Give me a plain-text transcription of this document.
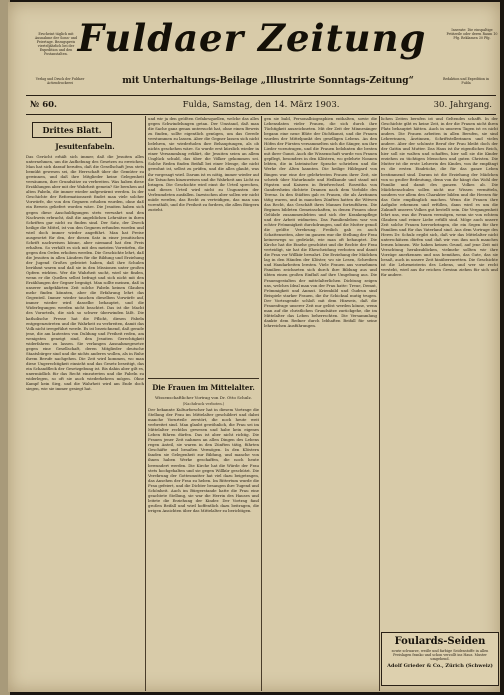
Erscheint täglich mit Ausnahme der Sonn- und Feiertage. Bezugspreis vierteljährlich bei der Expedition und den Postanstalten. Fuldaer Zeitung	Inserate: Die einspaltige Petitzeile oder deren Raum 10 Pfg. Reklamen 30 Pfg.
Verlag und Druck der Fuldaer Actiendruckerei	mit Unterhaltungs-Beilage „Illustrirte Sonntags-Zeitung“	Redaktion und Expedition in Fulda
№ 60.	Fulda, Samstag, den 14. März 1903.	30. Jahrgang.
Drittes Blatt.
Jesuitenfabeln.
Das Gerücht erhält sich immer, daß die Jesuiten alles unternehmen, um die Aufhebung des Gesetzes zu erreichen. Man hat sich darauf berufen, daß die Gesellschaft Jesu stets bemüht gewesen sei, die Herrschaft über die Gemüter zu gewinnen, und daß ihre Mitglieder keine Gelegenheit versäumen, ihre Grundsätze zu verbreiten. Was haben diese Erzählungen aber mit der Wahrheit gemein? Sie beruhen auf alten Fabeln, die immer wieder aufgewärmt werden. In der Geschichte der Reformationszeit findet man viele solcher Vorwürfe, die von den Gegnern erhoben wurden, ohne daß ein Beweis geliefert worden wäre. Die Jesuiten haben sich gegen diese Anschuldigungen stets verwahrt und den Nachweis erbracht, daß die angeblichen Lehrsätze in ihren Schriften gar nicht zu finden sind. Der Satz, der Zweck heilige die Mittel, ist von den Gegnern erfunden worden und wird doch immer wieder angeführt. Man hat Preise ausgesetzt für den, der diesen Satz in einer jesuitischen Schrift nachweisen könne, aber niemand hat den Preis erhalten. So verhält es sich mit den meisten Vorwürfen, die gegen den Orden erhoben werden. Die Geschichte lehrt, daß die Jesuiten in allen Ländern für die Bildung und Erziehung der Jugend Großes geleistet haben, daß ihre Schulen berühmt waren und daß sie in den Missionen unter großen Opfern wirkten. Wer die Wahrheit sucht, wird sie finden, wenn er die Quellen selbst befragt und sich nicht mit den Erzählungen der Gegner begnügt. Man sollte meinen, daß in unserer aufgeklärten Zeit solche Fabeln keinen Glauben mehr finden könnten, aber die Erfahrung lehrt das Gegenteil. Immer wieder tauchen dieselben Vorwürfe auf, immer wieder wird dasselbe behauptet, und die Widerlegungen werden nicht beachtet. Das ist die Macht des Vorurteils, die sich so schwer überwinden läßt. Die katholische Presse hat die Pflicht, diesen Fabeln entgegenzutreten und die Wahrheit zu verbreiten, damit das Volk nicht irregeführt werde. Es ist bezeichnend, daß gerade jene, die am lautesten von Duldung und Freiheit reden, am wenigsten geneigt sind, den Jesuiten Gerechtigkeit widerfahren zu lassen. Sie verlangen Ausnahmegesetze gegen eine Gesellschaft, deren Mitglieder deutsche Staatsbürger sind und die nichts anderes wollen, als in Ruhe ihrem Berufe nachgehen. Die Zeit wird kommen, wo man diese Ungerechtigkeit einsieht und das Gesetz beseitigt, das ein Schandfleck der Gesetzgebung ist. Bis dahin aber gilt es, unermüdlich für das Recht einzutreten und die Fabeln zu widerlegen, so oft sie auch wiederkehren mögen. Ohne Kampf kein Sieg, und die Wahrheit wird am Ende doch siegen, wie sie immer gesiegt hat.
und wir ja den größten Gefahrsquellen, welche das alles gegen Schwindelungen getan. Der Umstand, daß man die Sache ganz genau untersucht hat, ohne einen Beweis zu finden, sollte eigentlich genügen, um das Gerede verstummen zu lassen. Aber die Gegner lassen sich nicht belehren, sie wiederholen ihre Behauptungen, als ob nichts geschehen wäre. So wurde erst kürzlich wieder in einer Versammlung erklärt, die Jesuiten seien an allem Unglück schuld, das über die Völker gekommen sei. Solche Reden finden Beifall bei einer Menge, die nicht gewohnt ist, selbst zu prüfen, und die alles glaubt, was ihr vorgesagt wird. Darum ist es nötig, immer wieder auf die Tatsachen hinzuweisen und die Wahrheit ans Licht zu bringen. Die Geschichte wird einst ihr Urteil sprechen, und dieses Urteil wird nicht zu Ungunsten der Verleumdeten ausfallen. Inzwischen aber sollen wir nicht müde werden, das Recht zu verteidigen, das man uns vorenthält, und die Freiheit zu fordern, die allen Bürgern zusteht.
Die Frauen im Mittelalter.
Wissenschaftlicher Vortrag von Dr. Otto Schulz.
(Nachdruck verboten.)
Der bekannte Kulturforscher hat in diesem Vortrage die Stellung der Frau im Mittelalter geschildert und dabei manche Vorurteile zerstört, die noch heute weit verbreitet sind. Man glaubt gewöhnlich, die Frau sei im Mittelalter rechtlos gewesen und habe kein eigenes Leben führen dürfen. Das ist aber nicht richtig. Die Frauen jener Zeit nahmen an allen Dingen des Lebens regen Anteil, sie waren in den Zünften tätig, führten Geschäfte und besaßen Vermögen. In den Klöstern fanden sie Gelegenheit zur Bildung, und manche von ihnen haben Werke geschaffen, die noch heute bewundert werden. Die Kirche hat die Würde der Frau stets hochgehalten und sie gegen Willkür geschützt. Die Verehrung der Gottesmutter hat viel dazu beigetragen, das Ansehen der Frau zu heben. Im Rittertum wurde die Frau gefeiert, und die Dichter besangen ihre Tugend und Schönheit. Auch im Bürgerstande hatte die Frau eine geachtete Stellung, sie war die Herrin des Hauses und leitete die Erziehung der Kinder. Der Vortrag fand großen Beifall und wird hoffentlich dazu beitragen, die irrigen Ansichten über das Mittelalter zu berichtigen.
gen sie bald, Personalbiographien enthalten, sowie die Lebensdaten vieler Frauen, die sich durch ihre Tüchtigkeit auszeichneten. Mit der Zeit der Minnesänger begann eine neue Blüte der Dichtkunst, und die Frauen wurden der Mittelpunkt des geselligen Lebens. An den Höfen der Fürsten versammelten sich die Sänger, um ihre Lieder vorzutragen, und die Frauen belohnten die besten mit ihrer Gunst. Auch die Wissenschaft wurde von Frauen gepflegt, besonders in den Klöstern, wo gelehrte Nonnen lebten, die in lateinischer Sprache schrieben und die Werke der Alten kannten. Die heilige Hildegard von Bingen war eine der gelehrtesten Frauen ihrer Zeit, sie schrieb über Naturkunde und Heilkunde und stand mit Päpsten und Kaisern in Briefwechsel. Roswitha von Gandersheim dichtete Dramen nach dem Vorbilde des Terenz. In den Städten gab es Frauen, die als Ärztinnen tätig waren, und in manchen Zünften hatten die Witwen das Recht, das Geschäft ihres Mannes fortzuführen. Die Beginen bildeten Gemeinschaften, in denen Frauen ohne Gelübde zusammenlebten und sich der Krankenpflege und der Arbeit widmeten. Das Familienleben war von echter Frömmigkeit durchdrungen, und die Mutter genoß die größte Verehrung. Freilich gab es auch Schattenseiten, aber im ganzen war die Stellung der Frau keineswegs so gedrückt, wie man oft behauptet. Die Kirche hat die Einehe geschützt und die Rechte der Frau verteidigt, sie hat die Ehescheidung verboten und damit die Frau vor Willkür bewahrt. Die Erziehung der Mädchen lag in den Händen der Klöster, wo sie Lesen, Schreiben und Handarbeiten lernten. Viele Frauen aus vornehmen Familien zeichneten sich durch ihre Bildung aus und übten einen großen Einfluß auf ihre Umgebung aus. Die Frauengestalten der mittelalterlichen Dichtung zeigen uns, welches Ideal man von der Frau hatte: Treue, Demut, Frömmigkeit und Anmut. Kriemhild und Gudrun sind Beispiele starker Frauen, die ihr Schicksal mutig trugen. Der Vortragende schloß mit dem Hinweis, daß die Frauenfrage unserer Zeit nur gelöst werden könne, wenn man auf die christlichen Grundsätze zurückgehe, die im Mittelalter das Leben beherrschten. Die Versammlung dankte dem Redner durch lebhaften Beifall für seine lehrreichen Ausführungen.
lichen Zeiten berufen ist und Geltendes schafft. In der Geschichte gibt es keine Zeit, in der die Frauen nicht ihren Platz behauptet hätten. Auch in unseren Tagen ist es nicht anders. Die Frauen arbeiten in allen Berufen, sie sind Lehrerinnen, Ärztinnen, Schriftstellerinnen und vieles andere. Aber der schönste Beruf der Frau bleibt doch der der Gattin und Mutter. Das Haus ist ihr eigentliches Reich, hier soll sie walten und schaffen, hier soll sie die Kinder erziehen zu tüchtigen Menschen und guten Christen. Die Mutter ist die erste Lehrerin des Kindes, von ihr empfängt es die ersten Eindrücke, die für das ganze Leben bestimmend sind. Darum ist die Erziehung der Mädchen von so großer Bedeutung, denn von ihr hängt das Wohl der Familie und damit des ganzen Volkes ab. Die Mädchenschulen sollen nicht nur Wissen vermitteln, sondern vor allem den Charakter bilden und die Herzen für das Gute empfänglich machen. Wenn die Frauen ihre Aufgabe erkennen und erfüllen, dann wird es um die Zukunft unseres Volkes gut bestellt sein. Die Vergangenheit lehrt uns, was die Frauen vermögen, wenn sie von echtem Glauben und reiner Liebe erfüllt sind. Möge auch unsere Zeit solche Frauen hervorbringen, die ein Segen für ihre Familien und für das Vaterland sind. Aus dem Vortrage des Herrn Dr. Schulz ergibt sich, daß wir das Mittelalter nicht unterschätzen dürfen und daß wir von ihm noch manches lernen können. Wir haben keinen Grund, auf jene Zeit mit Verachtung herabzublicken, vielmehr sollten wir ihre Vorzüge anerkennen und uns bemühen, das Gute, das sie besaß, auch in unsere Zeit hinüberzuretten. Die Geschichte ist die Lehrmeisterin des Lebens, und wer sie recht versteht, wird aus ihr reichen Gewinn ziehen für sich und für andere.
Foulards-Seiden
sowie schwarze, weiße und farbige Seidenstoffe in allen Preislagen franko und schon verzollt ins Haus. Muster umgehend.
Adolf Grieder & Co., Zürich (Schweiz)
